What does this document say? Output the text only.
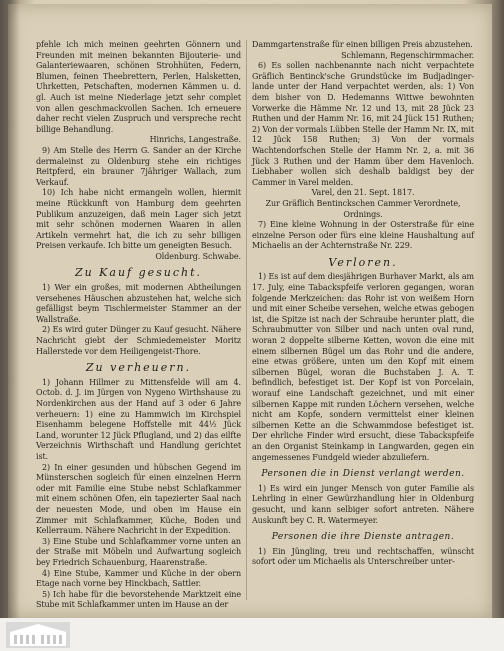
pfehle ich mich meinen geehrten Gönnern und Freunden mit meinen bekannten Bijouterie- und Galanteriewaaren, schönen Strohhüten, Federn, Blumen, feinen Theebrettern, Perlen, Halsketten, Uhrketten, Petschaften, modernen Kämmen u. d. gl. Auch ist meine Niederlage jetzt sehr complet von allen geschmackvollen Sachen. Ich erneuere daher recht vielen Zuspruch und verspreche recht billige Behandlung.

Hinrichs, Langestraße.

9) Am Stelle des Herrn G. Sander an der Kirche dermaleinst zu Oldenburg stehe ein richtiges Reitpferd, ein brauner 7jähriger Wallach, zum Verkauf.

10) Ich habe nicht ermangeln wollen, hiermit meine Rückkunft von Hamburg dem geehrten Publikum anzuzeigen, daß mein Lager sich jetzt mit sehr schönen modernen Waaren in allen Artikeln vermehrt hat, die ich zu sehr billigen Preisen verkaufe. Ich bitte um geneigten Besuch.

Oldenburg. Schwabe.

Zu Kauf gesucht.

1) Wer ein großes, mit modernen Abtheilungen versehenes Häuschen abzustehen hat, welche sich gefälligst beym Tischlermeister Stammer an der Wallstraße.

2) Es wird guter Dünger zu Kauf gesucht. Nähere Nachricht giebt der Schmiedemeister Moritz Hallerstede vor dem Heiligengeist-Thore.

Zu verheuern.

1) Johann Hillmer zu Mittensfelde will am 4. Octob. d. J. im Jürgen von Nygeno Wirthshause zu Nordenkirchen aus der Hand auf 3 oder 6 Jahre verheuern: 1) eine zu Hammwich im Kirchspiel Eisenhamm belegene Hoffstelle mit 44½ Jück Land, worunter 12 Jück Pflugland, und 2) das eilfte Verzeichnis Wirthschaft und Handlung gerichtet ist.

2) In einer gesunden und hübschen Gegend im Münsterschen sogleich für einen einzelnen Herrn oder mit Familie eine Stube nebst Schlafkammer mit einem schönen Ofen, ein tapezierter Saal nach der neuesten Mode, und oben im Hause ein Zimmer mit Schlafkammer, Küche, Boden und Kellerraum. Nähere Nachricht in der Expedition.

3) Eine Stube und Schlafkammer vorne unten an der Straße mit Möbeln und Aufwartung sogleich bey Friedrich Schauenburg, Haarenstraße.

4) Eine Stube, Kammer und Küche in der obern Etage nach vorne bey Hinckbach, Sattler.

5) Ich habe für die bevorstehende Marktzeit eine Stube mit Schlafkammer unten im Hause an der

Dammgartenstraße für einen billigen Preis abzustehen.

Schlemann, Regenschirmmacher.

6) Es sollen nachbenannte nach nicht verpachtete Gräflich Bentinck'sche Grundstücke im Budjadinger-lande unter der Hand verpachtet werden, als: 1) Von dem bisher von D. Hedemanns Wittwe bewohnten Vorwerke die Hämme Nr. 12 und 13, mit 28 Jück 23 Ruthen und der Hamm Nr. 16, mit 24 Jück 151 Ruthen; 2) Von der vormals Lübben Stelle der Hamm Nr. IX, mit 12 Jück 158 Ruthen; 3) Von der vormals Wachtendorfschen Stelle der Hamm Nr. 2, a. mit 36 Jück 3 Ruthen und der Hamm über dem Havenloch. Liebhaber wollen sich deshalb baldigst bey der Cammer in Varel melden.

Varel, den 21. Sept. 1817.

Zur Gräflich Bentinckschen Cammer Verordnete, Ordnings.

7) Eine kleine Wohnung in der Osterstraße für eine einzelne Person oder fürs eine kleine Haushaltung auf Michaelis an der Achternstraße Nr. 229.

Verloren.

1) Es ist auf dem diesjährigen Burhaver Markt, als am 17. July, eine Tabackspfeife verloren gegangen, woran folgende Merkzeichen: das Rohr ist von weißem Horn und mit einer Scheibe versehen, welche etwas gebogen ist, die Spitze ist nach der Schraube herunter platt, die Schraubmutter von Silber und nach unten oval rund, woran 2 doppelte silberne Ketten, wovon die eine mit einem silbernen Bügel um das Rohr und die andere, eine etwas größere, unten um den Kopf mit einem silbernen Bügel, woran die Buchstaben J. A. T. befindlich, befestiget ist. Der Kopf ist von Porcelain, worauf eine Landschaft gezeichnet, und mit einer silbernen Kappe mit runden Löchern versehen, welche nicht am Kopfe, sondern vermittelst einer kleinen silbernen Kette an die Schwammdose befestiget ist. Der ehrliche Finder wird ersucht, diese Tabackspfeife an den Organist Steinkamp in Langwarden, gegen ein angemessenes Fundgeld wieder abzuliefern.

Personen die in Dienst verlangt werden.

1) Es wird ein junger Mensch von guter Familie als Lehrling in einer Gewürzhandlung hier in Oldenburg gesucht, und kann selbiger sofort antreten. Nähere Auskunft bey C. R. Watermeyer.

Personen die ihre Dienste antragen.

1) Ein Jüngling, treu und rechtschaffen, wünscht sofort oder um Michaelis als Unterschreiber unter-
